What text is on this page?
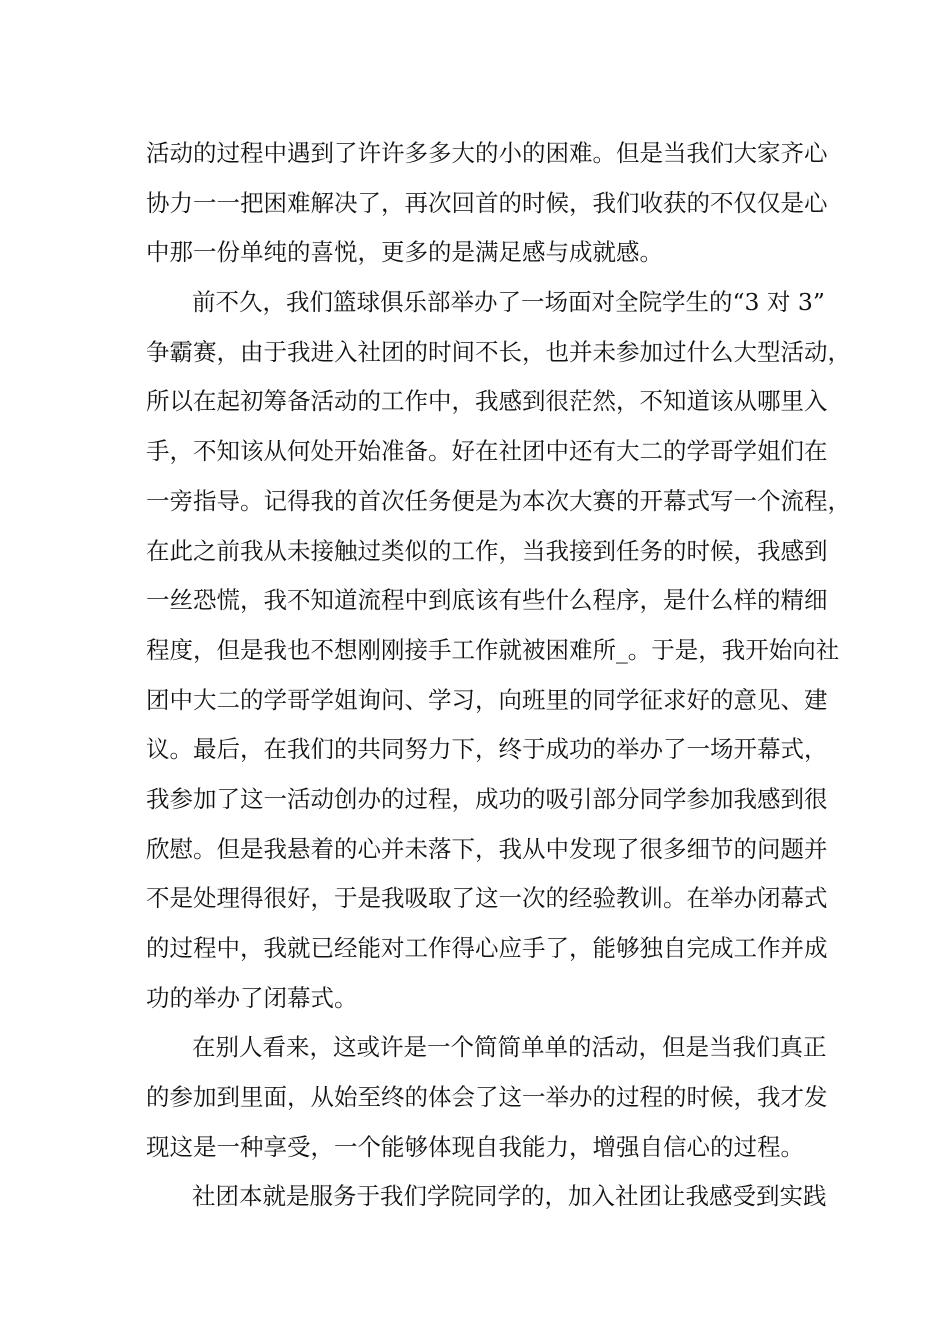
活动的过程中遇到了许许多多大的小的困难。但是当我们大家齐心
协力一一把困难解决了，再次回首的时候，我们收获的不仅仅是心
中那一份单纯的喜悦，更多的是满足感与成就感。
前不久，我们篮球俱乐部举办了一场面对全院学生的“3 对 3”
争霸赛，由于我进入社团的时间不长，也并未参加过什么大型活动，
所以在起初筹备活动的工作中，我感到很茫然，不知道该从哪里入
手，不知该从何处开始准备。好在社团中还有大二的学哥学姐们在
一旁指导。记得我的首次任务便是为本次大赛的开幕式写一个流程，
在此之前我从未接触过类似的工作，当我接到任务的时候，我感到
一丝恐慌，我不知道流程中到底该有些什么程序，是什么样的精细
程度，但是我也不想刚刚接手工作就被困难所_。于是，我开始向社
团中大二的学哥学姐询问、学习，向班里的同学征求好的意见、建
议。最后，在我们的共同努力下，终于成功的举办了一场开幕式，
我参加了这一活动创办的过程，成功的吸引部分同学参加我感到很
欣慰。但是我悬着的心并未落下，我从中发现了很多细节的问题并
不是处理得很好，于是我吸取了这一次的经验教训。在举办闭幕式
的过程中，我就已经能对工作得心应手了，能够独自完成工作并成
功的举办了闭幕式。
在别人看来，这或许是一个简简单单的活动，但是当我们真正
的参加到里面，从始至终的体会了这一举办的过程的时候，我才发
现这是一种享受，一个能够体现自我能力，增强自信心的过程。
社团本就是服务于我们学院同学的，加入社团让我感受到实践
